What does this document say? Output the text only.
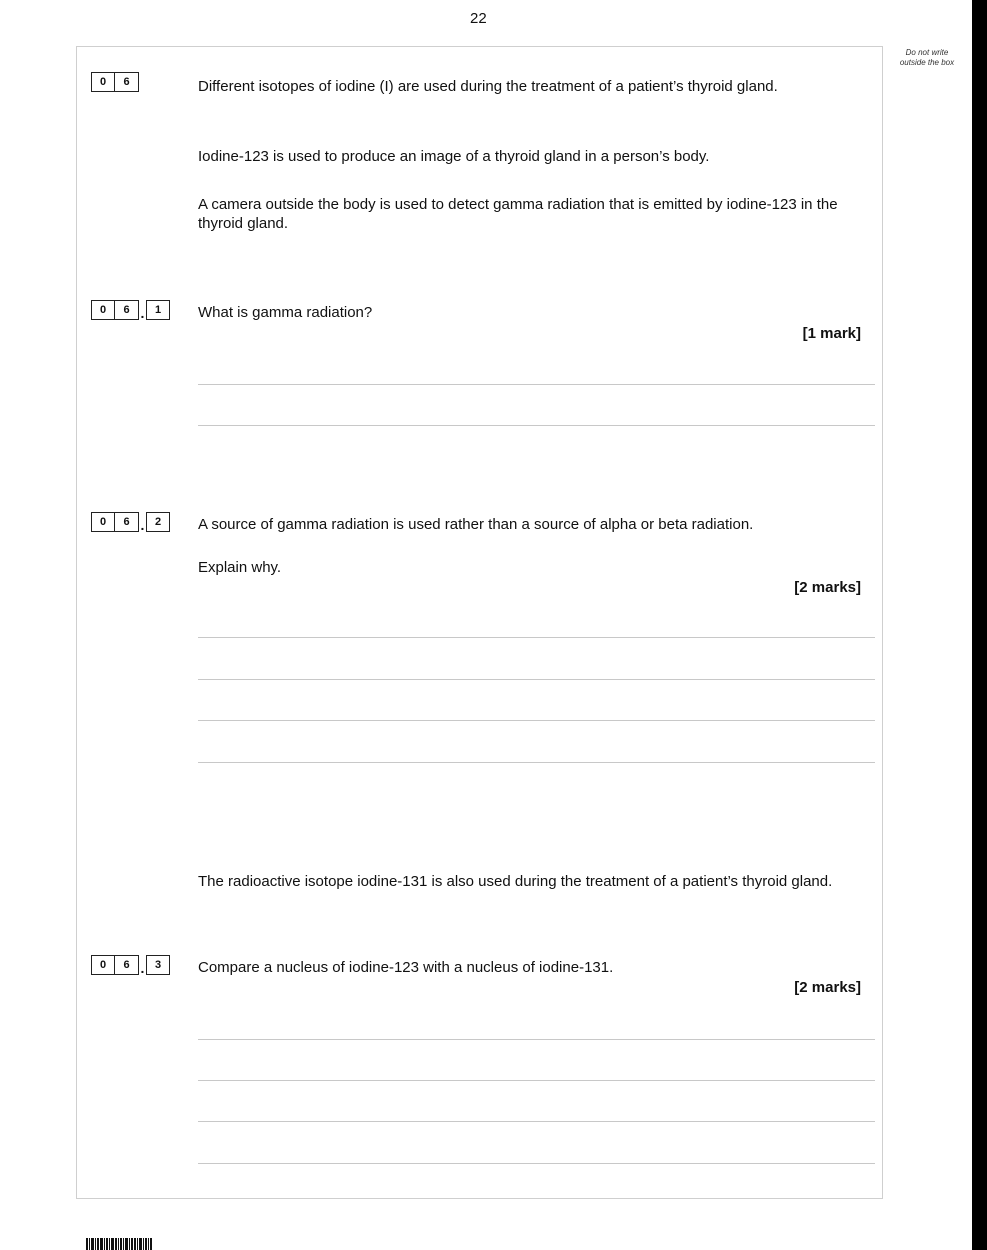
22
Do not write outside the box
0	6	Different isotopes of iodine (I) are used during the treatment of a patient’s thyroid gland.
Iodine-123 is used to produce an image of a thyroid gland in a person’s body.
A camera outside the body is used to detect gamma radiation that is emitted by iodine-123 in the thyroid gland.
0	6 . 1	What is gamma radiation?
[1 mark]
0	6 . 2	A source of gamma radiation is used rather than a source of alpha or beta radiation.
Explain why.
[2 marks]
The radioactive isotope iodine-131 is also used during the treatment of a patient’s thyroid gland.
0	6 . 3	Compare a nucleus of iodine-123 with a nucleus of iodine-131.
[2 marks]
